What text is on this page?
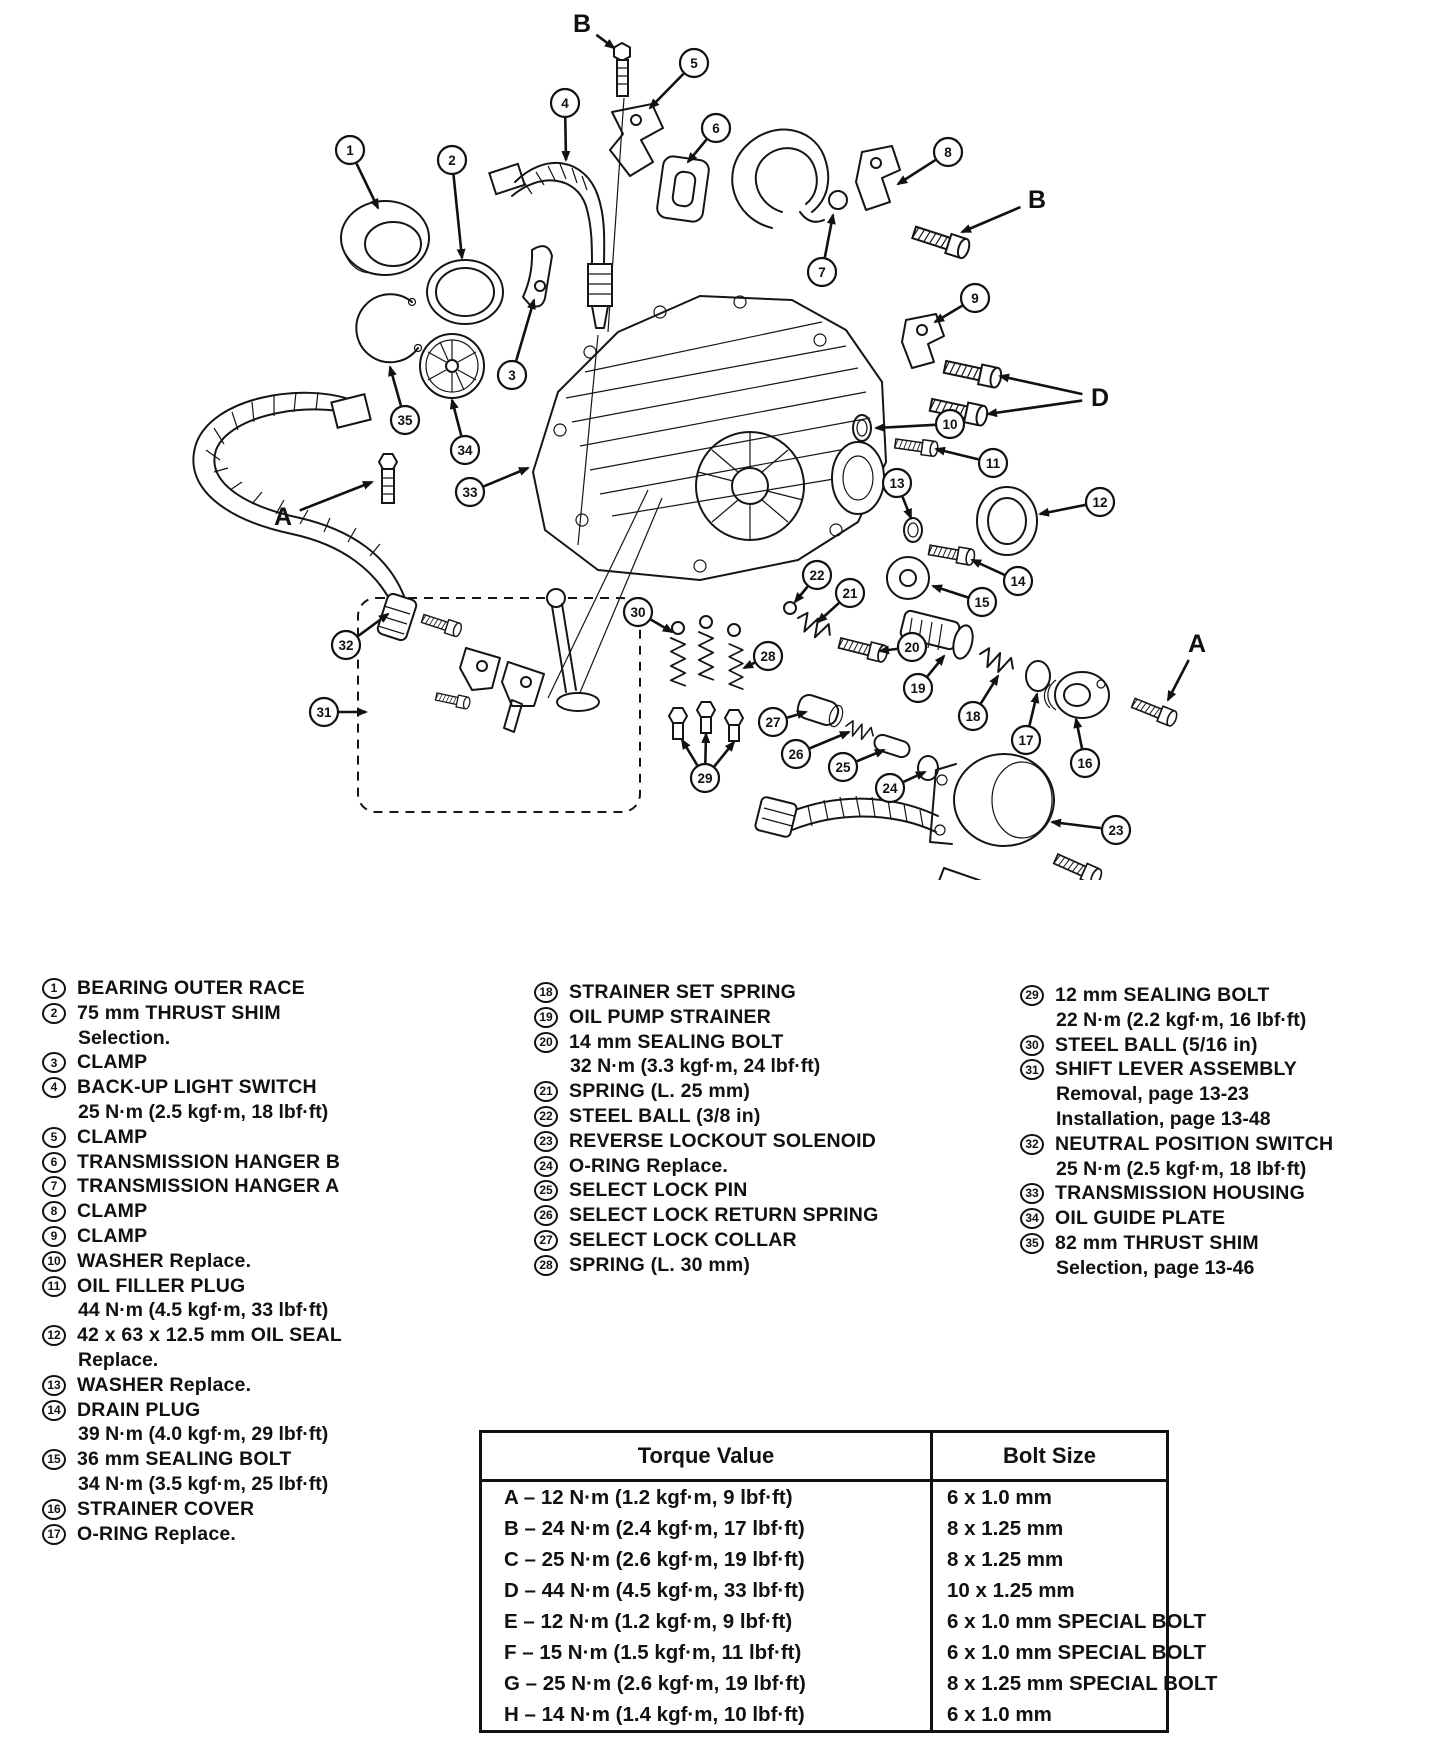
1
2
3
4
5
6
7
8
9
10
11
12
13
14
15
16
17
18
19
20
21
22
23
24
25
26
27
28
29
30
31
32
33
34
35
B
B
D
A
A
1	BEARING OUTER RACE
2	75 mm THRUST SHIM
Selection.
3	CLAMP
4	BACK-UP LIGHT SWITCH
25 N·m (2.5 kgf·m, 18 lbf·ft)
5	CLAMP
6	TRANSMISSION HANGER B
7	TRANSMISSION HANGER A
8	CLAMP
9	CLAMP
10 WASHER Replace.
11 OIL FILLER PLUG
44 N·m (4.5 kgf·m, 33 lbf·ft)
12 42 x 63 x 12.5 mm OIL SEAL
Replace.
13 WASHER Replace.
14 DRAIN PLUG
39 N·m (4.0 kgf·m, 29 lbf·ft)
15 36 mm SEALING BOLT
34 N·m (3.5 kgf·m, 25 lbf·ft)
16 STRAINER COVER
17 O-RING Replace.
18 STRAINER SET SPRING
19 OIL PUMP STRAINER
20 14 mm SEALING BOLT
32 N·m (3.3 kgf·m, 24 lbf·ft)
21 SPRING (L. 25 mm)
22 STEEL BALL (3/8 in)
23 REVERSE LOCKOUT SOLENOID
24 O-RING Replace.
25 SELECT LOCK PIN
26 SELECT LOCK RETURN SPRING
27 SELECT LOCK COLLAR
28 SPRING (L. 30 mm)
29 12 mm SEALING BOLT
22 N·m (2.2 kgf·m, 16 lbf·ft)
30 STEEL BALL (5/16 in)
31 SHIFT LEVER ASSEMBLY
Removal, page 13-23
Installation, page 13-48
32 NEUTRAL POSITION SWITCH
25 N·m (2.5 kgf·m, 18 lbf·ft)
33 TRANSMISSION HOUSING
34 OIL GUIDE PLATE
35 82 mm THRUST SHIM
Selection, page 13-46
Torque Value	Bolt Size
A – 12 N·m (1.2 kgf·m, 9 lbf·ft)	6 x 1.0 mm
B – 24 N·m (2.4 kgf·m, 17 lbf·ft)	8 x 1.25 mm
C – 25 N·m (2.6 kgf·m, 19 lbf·ft)	8 x 1.25 mm
D – 44 N·m (4.5 kgf·m, 33 lbf·ft)	10 x 1.25 mm
E – 12 N·m (1.2 kgf·m, 9 lbf·ft)	6 x 1.0 mm SPECIAL BOLT
F – 15 N·m (1.5 kgf·m, 11 lbf·ft)	6 x 1.0 mm SPECIAL BOLT
G – 25 N·m (2.6 kgf·m, 19 lbf·ft)	8 x 1.25 mm SPECIAL BOLT
H – 14 N·m (1.4 kgf·m, 10 lbf·ft)	6 x 1.0 mm
